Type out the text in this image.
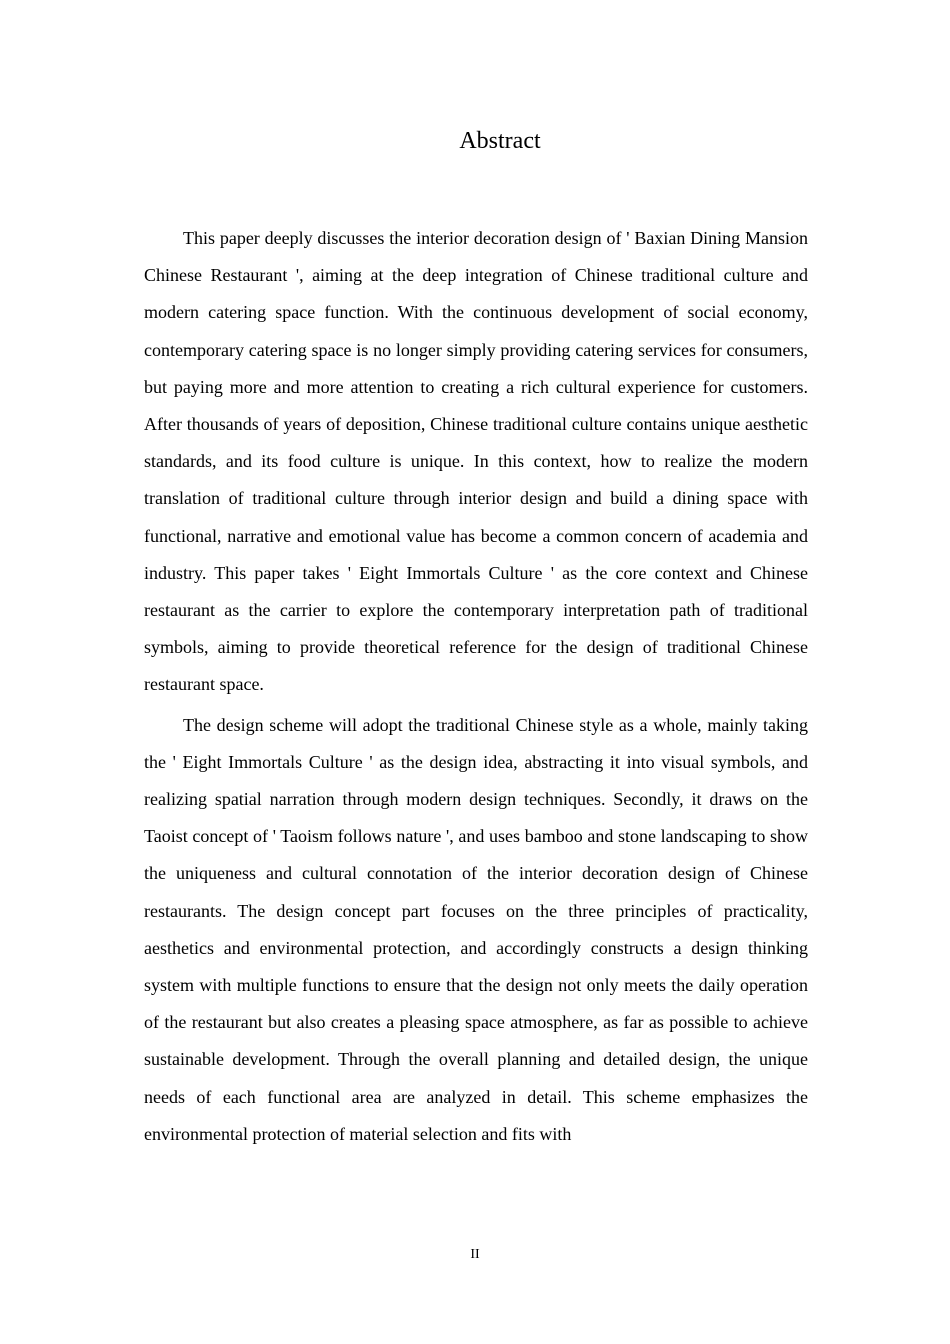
Abstract

This paper deeply discusses the interior decoration design of ' Baxian Dining Mansion Chinese Restaurant ', aiming at the deep integration of Chinese traditional culture and modern catering space function. With the continuous development of social economy, contemporary catering space is no longer simply providing catering services for consumers, but paying more and more attention to creating a rich cultural experience for customers. After thousands of years of deposition, Chinese traditional culture contains unique aesthetic standards, and its food culture is unique. In this context, how to realize the modern translation of traditional culture through interior design and build a dining space with functional, narrative and emotional value has become a common concern of academia and industry. This paper takes ' Eight Immortals Culture ' as the core context and Chinese restaurant as the carrier to explore the contemporary interpretation path of traditional symbols, aiming to provide theoretical reference for the design of traditional Chinese restaurant space.

The design scheme will adopt the traditional Chinese style as a whole, mainly taking the ' Eight Immortals Culture ' as the design idea, abstracting it into visual symbols, and realizing spatial narration through modern design techniques. Secondly, it draws on the Taoist concept of ' Taoism follows nature ', and uses bamboo and stone landscaping to show the uniqueness and cultural connotation of the interior decoration design of Chinese restaurants. The design concept part focuses on the three principles of practicality, aesthetics and environmental protection, and accordingly constructs a design thinking system with multiple functions to ensure that the design not only meets the daily operation of the restaurant but also creates a pleasing space atmosphere, as far as possible to achieve sustainable development. Through the overall planning and detailed design, the unique needs of each functional area are analyzed in detail. This scheme emphasizes the environmental protection of material selection and fits with

II
